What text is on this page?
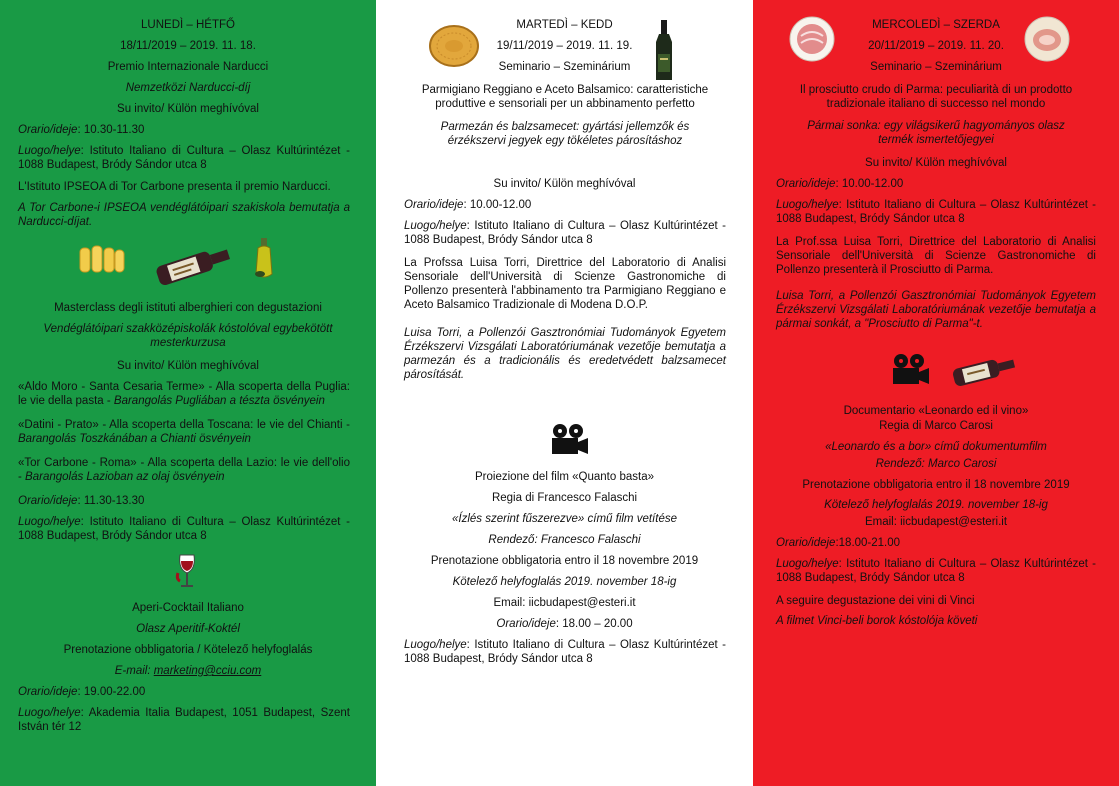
LUNEDÌ – HÉTFŐ
18/11/2019 – 2019. 11. 18.
Premio Internazionale Narducci
Nemzetközi Narducci-díj
Su invito/ Külön meghívóval
Orario/ideje: 10.30-11.30
Luogo/helye: Istituto Italiano di Cultura – Olasz Kultúrintézet - 1088 Budapest, Bródy Sándor utca 8
L'Istituto IPSEOA di Tor Carbone presenta il premio Narducci.
A Tor Carbone-i IPSEOA vendéglátóipari szakiskola bemutatja a Narducci-díjat.
Masterclass degli istituti alberghieri con degustazioni
Vendéglátóipari szakközépiskolák kóstolóval egybekötött mesterkurzusa
Su invito/ Külön meghívóval
«Aldo Moro - Santa Cesaria Terme» - Alla scoperta della Puglia: le vie della pasta - Barangolás Pugliában a tészta ösvényein
«Datini - Prato» - Alla scoperta della Toscana: le vie del Chianti - Barangolás Toszkánában a Chianti ösvényein
«Tor Carbone - Roma» - Alla scoperta della Lazio: le vie dell'olio - Barangolás Lazioban az olaj ösvényein
Orario/ideje: 11.30-13.30
Luogo/helye: Istituto Italiano di Cultura – Olasz Kultúrintézet - 1088 Budapest, Bródy Sándor utca 8
Aperi-Cocktail Italiano
Olasz Aperitif-Koktél
Prenotazione obbligatoria / Kötelező helyfoglalás
E-mail: marketing@cciu.com
Orario/ideje: 19.00-22.00
Luogo/helye: Akademia Italia Budapest, 1051 Budapest, Szent István tér 12
MARTEDÌ – KEDD
19/11/2019 – 2019. 11. 19.
Seminario – Szeminárium
Parmigiano Reggiano e Aceto Balsamico: caratteristiche produttive e sensoriali per un abbinamento perfetto
Parmezán és balzsamecet: gyártási jellemzők és érzékszervi jegyek egy tökéletes párosításhoz
Su invito/ Külön meghívóval
Orario/ideje: 10.00-12.00
Luogo/helye: Istituto Italiano di Cultura – Olasz Kultúrintézet - 1088 Budapest, Bródy Sándor utca 8
La Profssa Luisa Torri, Direttrice del Laboratorio di Analisi Sensoriale dell'Università di Scienze Gastronomiche di Pollenzo presenterà l'abbinamento tra Parmigiano Reggiano e Aceto Balsamico Tradizionale di Modena D.O.P.
Luisa Torri, a Pollenzói Gasztronómiai Tudományok Egyetem Érzékszervi Vizsgálati Laboratóriumának vezetője bemutatja a parmezán és a tradicionális és eredetvédett balzsamecet párosítását.
Proiezione del film «Quanto basta»
Regia di Francesco Falaschi
«Ízlés szerint fűszerezve» című film vetítése
Rendező: Francesco Falaschi
Prenotazione obbligatoria entro il 18 novembre 2019
Kötelező helyfoglalás 2019. november 18-ig
Email: iicbudapest@esteri.it
Orario/ideje: 18.00 – 20.00
Luogo/helye: Istituto Italiano di Cultura – Olasz Kultúrintézet - 1088 Budapest, Bródy Sándor utca 8
MERCOLEDÌ – SZERDA
20/11/2019 – 2019. 11. 20.
Seminario – Szeminárium
Il prosciutto crudo di Parma: peculiarità di un prodotto tradizionale italiano di successo nel mondo
Pármai sonka: egy világsikerű hagyományos olasz termék ismertetőjegyei
Su invito/ Külön meghívóval
Orario/ideje: 10.00-12.00
Luogo/helye: Istituto Italiano di Cultura – Olasz Kultúrintézet - 1088 Budapest, Bródy Sándor utca 8
La Prof.ssa Luisa Torri, Direttrice del Laboratorio di Analisi Sensoriale dell'Università di Scienze Gastronomiche di Pollenzo presenterà il Prosciutto di Parma.
Luisa Torri, a Pollenzói Gasztronómiai Tudományok Egyetem Érzékszervi Vizsgálati Laboratóriumának vezetője bemutatja a pármai sonkát, a "Prosciutto di Parma"-t.
Documentario «Leonardo ed il vino»
Regia di Marco Carosi
«Leonardo és a bor» című dokumentumfilm
Rendező: Marco Carosi
Prenotazione obbligatoria entro il 18 novembre 2019
Kötelező helyfoglalás 2019. november 18-ig
Email: iicbudapest@esteri.it
Orario/ideje:18.00-21.00
Luogo/helye: Istituto Italiano di Cultura – Olasz Kultúrintézet - 1088 Budapest, Bródy Sándor utca 8
A seguire degustazione dei vini di Vinci
A filmet Vinci-beli borok kóstolója követi
